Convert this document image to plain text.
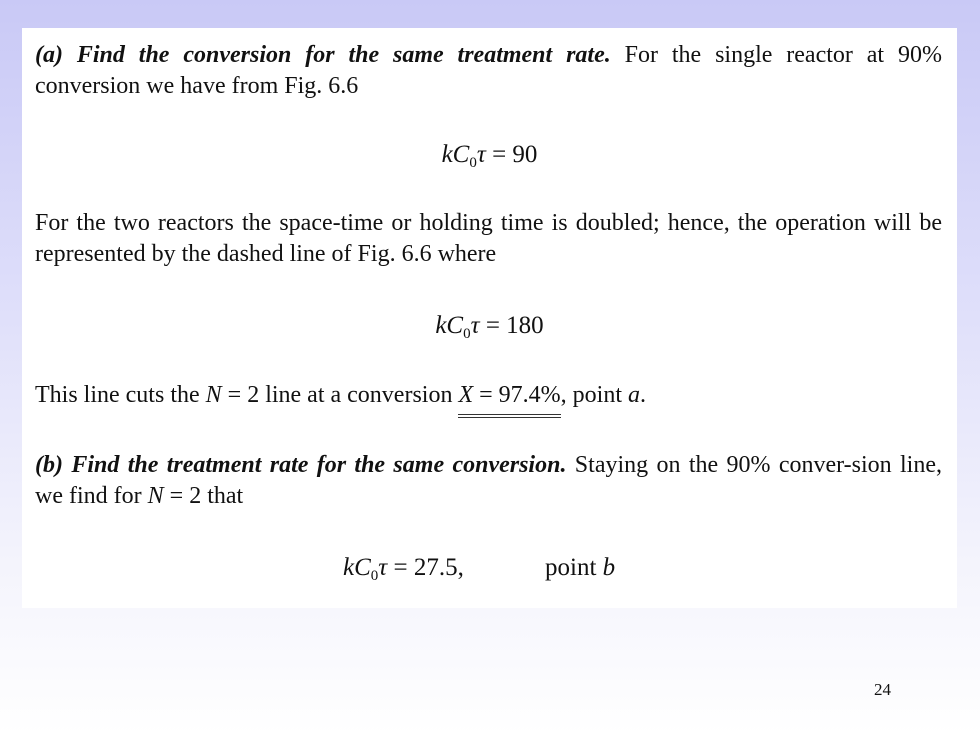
(a) Find the conversion for the same treatment rate. For the single reactor at 90% conversion we have from Fig. 6.6

$kC_0\tau = 90$

For the two reactors the space-time or holding time is doubled; hence, the operation will be represented by the dashed line of Fig. 6.6 where

$kC_0\tau = 180$

This line cuts the N = 2 line at a conversion X = 97.4%, point a.

(b) Find the treatment rate for the same conversion. Staying on the 90% conver-sion line, we find for N = 2 that

$kC_0\tau = 27.5$,	point b
24
